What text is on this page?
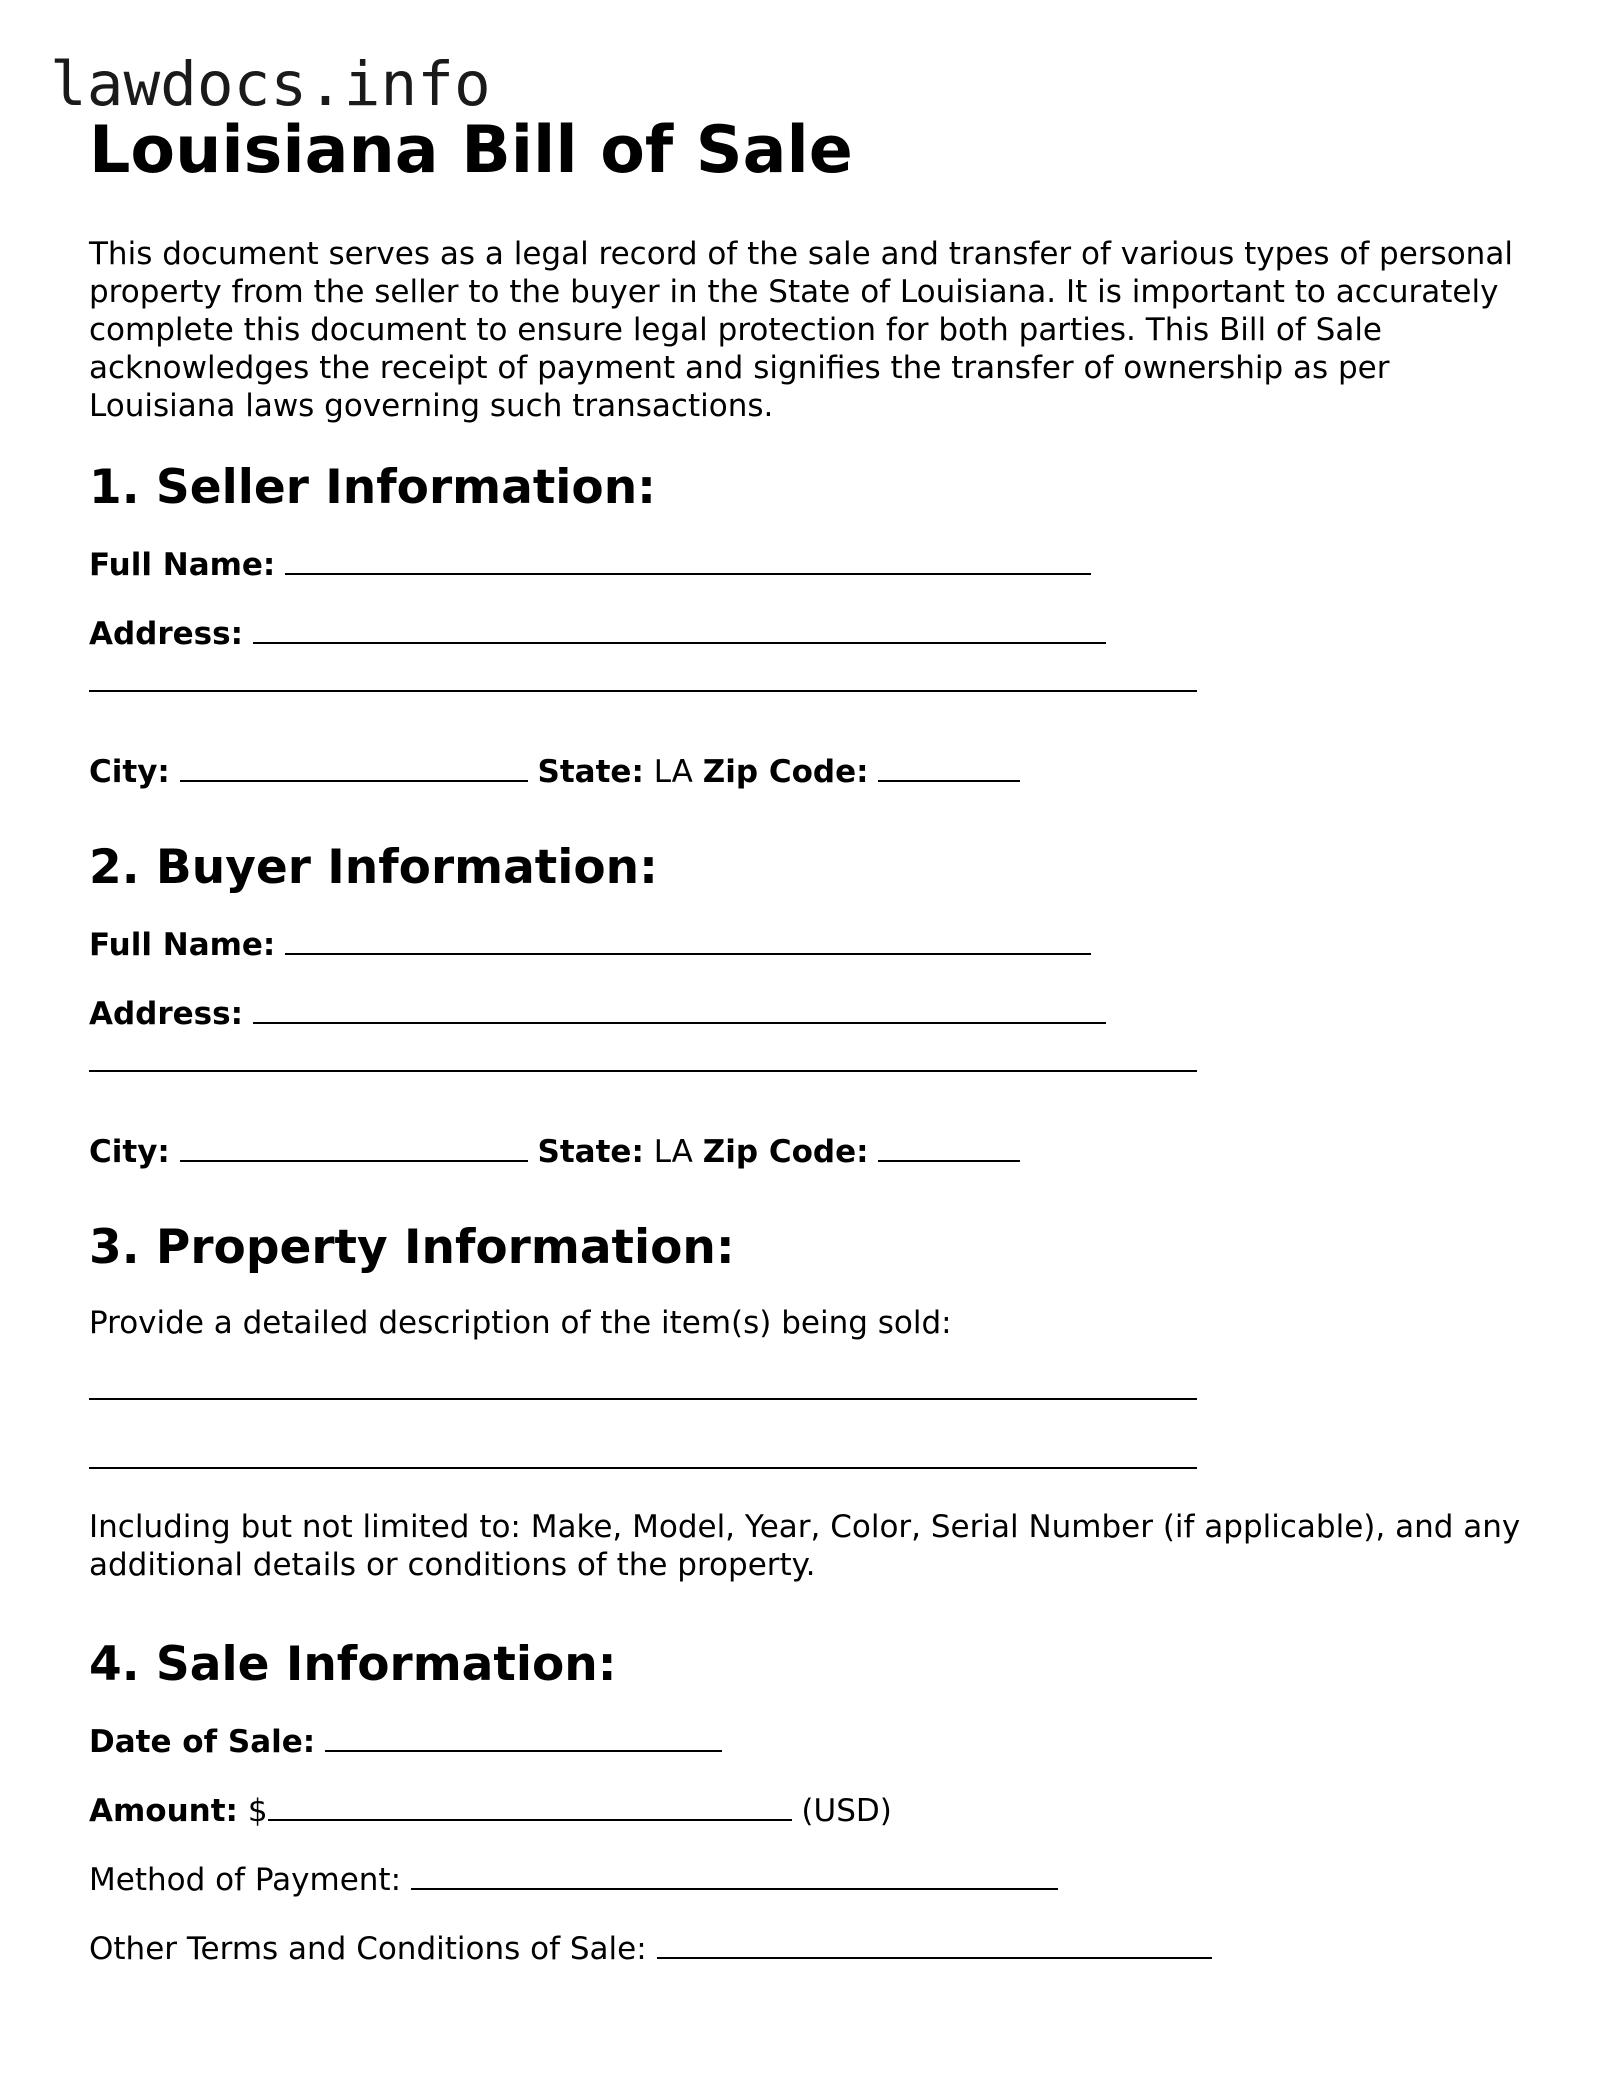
lawdocs.info
Louisiana Bill of Sale

This document serves as a legal record of the sale and transfer of various types of personal property from the seller to the buyer in the State of Louisiana. It is important to accurately complete this document to ensure legal protection for both parties. This Bill of Sale acknowledges the receipt of payment and signifies the transfer of ownership as per Louisiana laws governing such transactions.

1. Seller Information:
Full Name:
Address:
City:	State: LA Zip Code:
2. Buyer Information:
Full Name:
Address:
City:	State: LA Zip Code:
3. Property Information:
Provide a detailed description of the item(s) being sold:
Including but not limited to: Make, Model, Year, Color, Serial Number (if applicable), and any additional details or conditions of the property.
4. Sale Information:
Date of Sale:
Amount: $	(USD)
Method of Payment:
Other Terms and Conditions of Sale:
